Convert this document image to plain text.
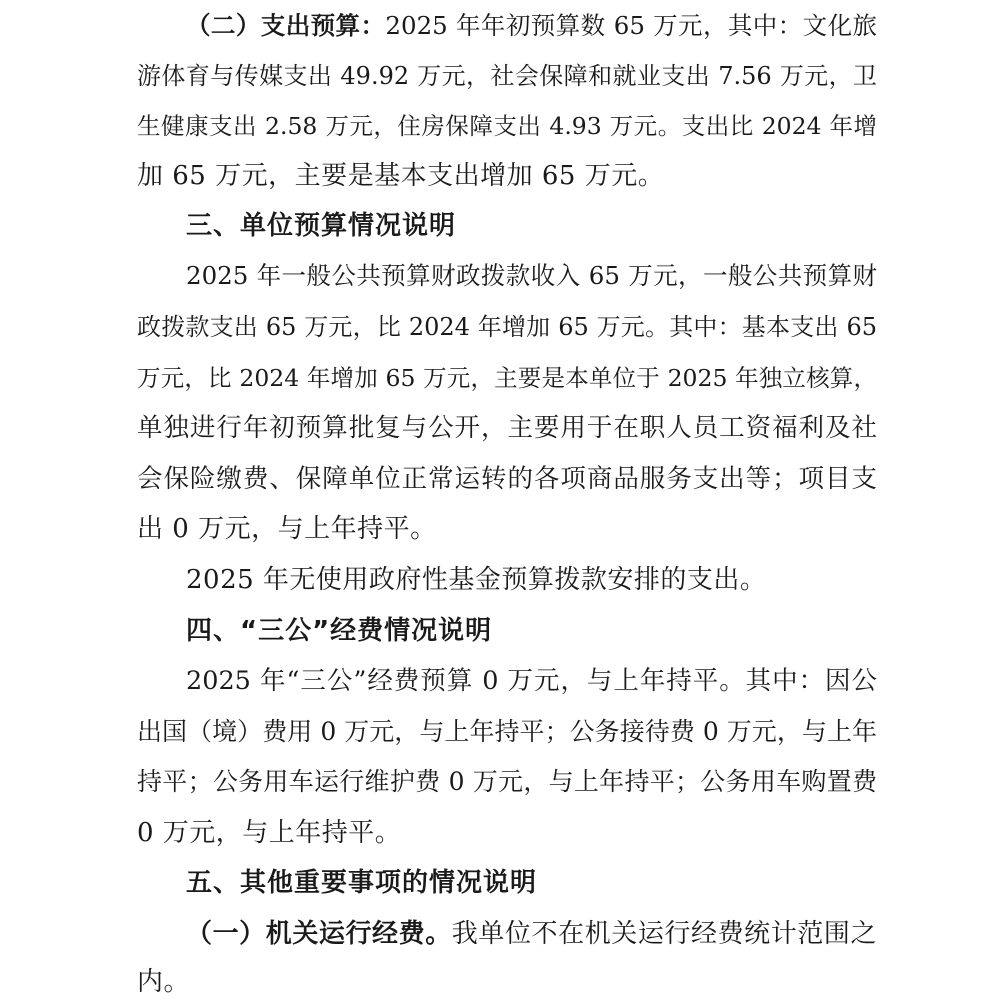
（二）支出预算：2025 年年初预算数 65 万元，其中：文化旅
游体育与传媒支出 49.92 万元，社会保障和就业支出 7.56 万元，卫
生健康支出 2.58 万元，住房保障支出 4.93 万元。支出比 2024 年增
加 65 万元，主要是基本支出增加 65 万元。
三、单位预算情况说明
2025 年一般公共预算财政拨款收入 65 万元，一般公共预算财
政拨款支出 65 万元，比 2024 年增加 65 万元。其中：基本支出 65
万元，比 2024 年增加 65 万元，主要是本单位于 2025 年独立核算，
单独进行年初预算批复与公开，主要用于在职人员工资福利及社
会保险缴费、保障单位正常运转的各项商品服务支出等；项目支
出 0 万元，与上年持平。
2025 年无使用政府性基金预算拨款安排的支出。
四、“三公”经费情况说明
2025 年“三公”经费预算 0 万元，与上年持平。其中：因公
出国（境）费用 0 万元，与上年持平；公务接待费 0 万元，与上年
持平；公务用车运行维护费 0 万元，与上年持平；公务用车购置费
0 万元，与上年持平。
五、其他重要事项的情况说明
（一）机关运行经费。我单位不在机关运行经费统计范围之
内。
